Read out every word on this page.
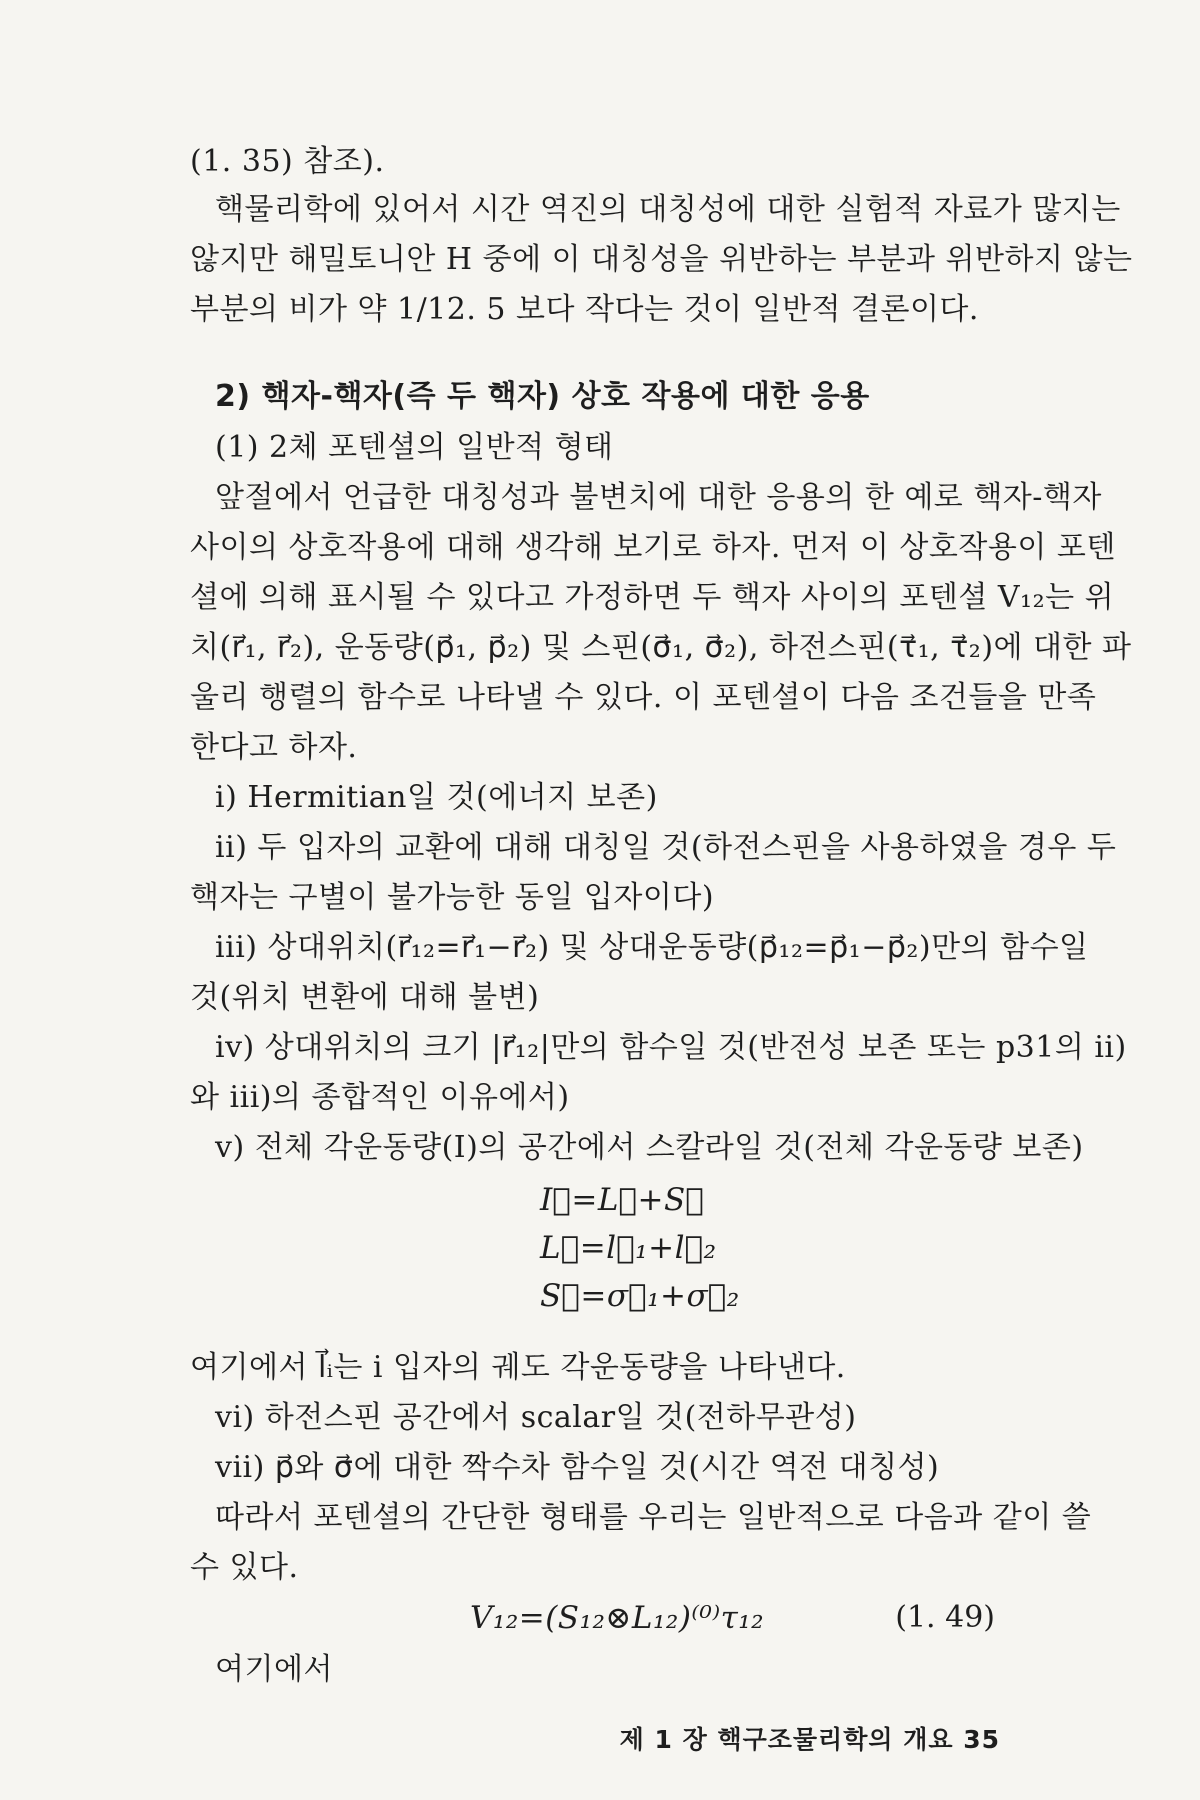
(1. 35) 참조).
핵물리학에 있어서 시간 역진의 대칭성에 대한 실험적 자료가 많지는
않지만 해밀토니안 H 중에 이 대칭성을 위반하는 부분과 위반하지 않는
부분의 비가 약 1/12. 5 보다 작다는 것이 일반적 결론이다.
2) 핵자-핵자(즉 두 핵자) 상호 작용에 대한 응용
(1) 2체 포텐셜의 일반적 형태
앞절에서 언급한 대칭성과 불변치에 대한 응용의 한 예로 핵자-핵자
사이의 상호작용에 대해 생각해 보기로 하자. 먼저 이 상호작용이 포텐
셜에 의해 표시될 수 있다고 가정하면 두 핵자 사이의 포텐셜 V₁₂는 위
치(r⃗₁, r⃗₂), 운동량(p⃗₁, p⃗₂) 및 스핀(σ⃗₁, σ⃗₂), 하전스핀(τ⃗₁, τ⃗₂)에 대한 파
울리 행렬의 함수로 나타낼 수 있다. 이 포텐셜이 다음 조건들을 만족
한다고 하자.
i) Hermitian일 것(에너지 보존)
ii) 두 입자의 교환에 대해 대칭일 것(하전스핀을 사용하였을 경우 두
핵자는 구별이 불가능한 동일 입자이다)
iii) 상대위치(r⃗₁₂=r⃗₁−r⃗₂) 및 상대운동량(p⃗₁₂=p⃗₁−p⃗₂)만의 함수일
것(위치 변환에 대해 불변)
iv) 상대위치의 크기 |r⃗₁₂|만의 함수일 것(반전성 보존 또는 p31의 ii)
와 iii)의 종합적인 이유에서)
v) 전체 각운동량(I)의 공간에서 스칼라일 것(전체 각운동량 보존)
I⃗=L⃗+S⃗
L⃗=l⃗₁+l⃗₂
S⃗=σ⃗₁+σ⃗₂
여기에서 l⃗ᵢ는 i 입자의 궤도 각운동량을 나타낸다.
vi) 하전스핀 공간에서 scalar일 것(전하무관성)
vii) p⃗와 σ⃗에 대한 짝수차 함수일 것(시간 역전 대칭성)
따라서 포텐셜의 간단한 형태를 우리는 일반적으로 다음과 같이 쓸
수 있다.
V₁₂=(S₁₂⊗L₁₂)⁽⁰⁾τ₁₂	(1. 49)
여기에서
제 1 장 핵구조물리학의 개요 35
